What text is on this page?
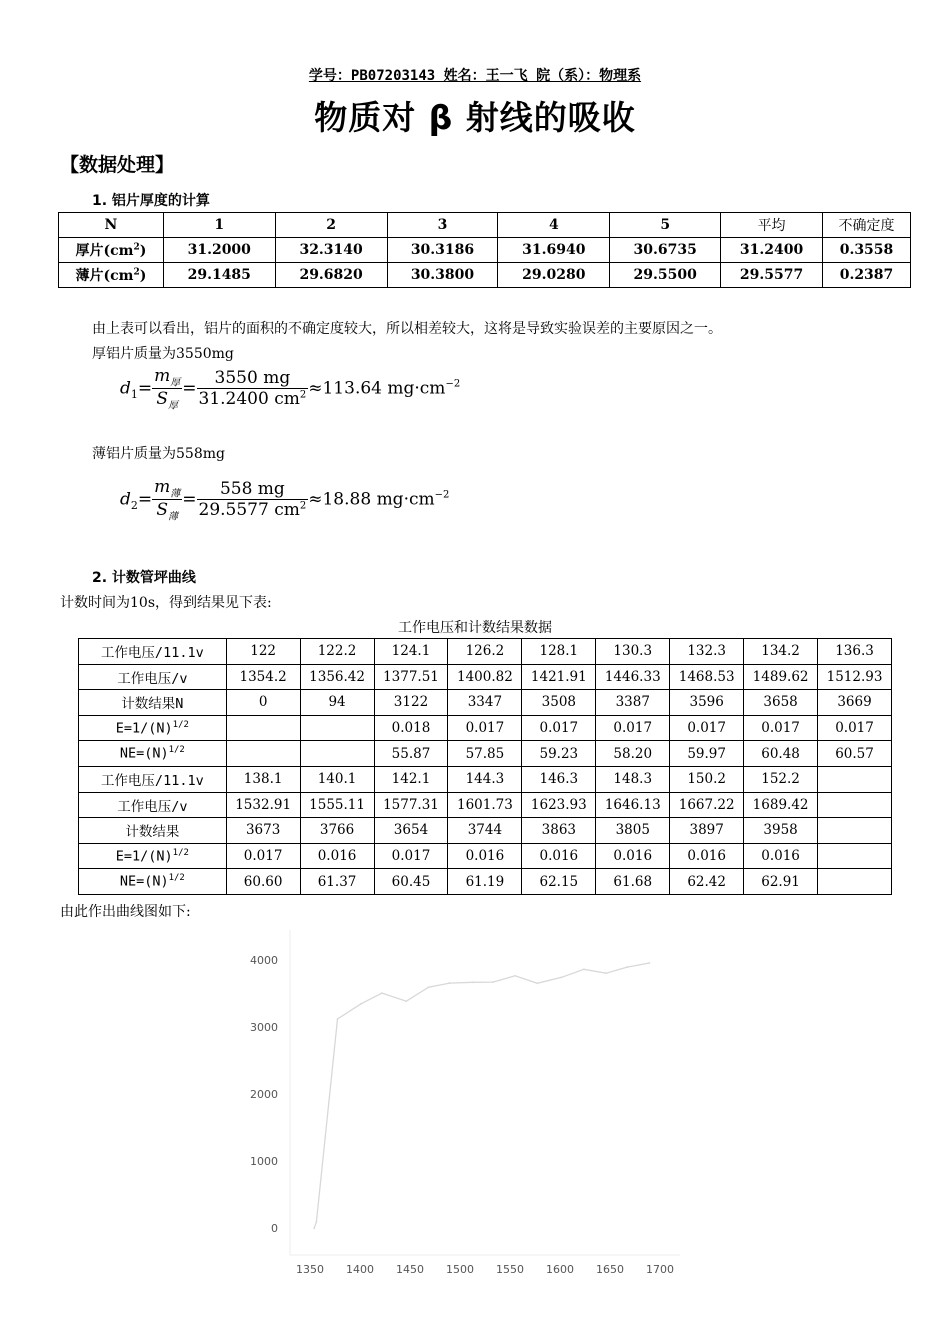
学号：PB07203143 姓名：王一飞 院（系）：物理系
物质对 β 射线的吸收
【数据处理】
1. 铝片厚度的计算
N	1	2	3	4	5	平均	不确定度
厚片$(cm^2)$	31.2000	32.3140	30.3186	31.6940	30.6735	31.2400	0.3558
薄片$(cm^2)$	29.1485	29.6820	30.3800	29.0280	29.5500	29.5577	0.2387
由上表可以看出，铝片的面积的不确定度较大，所以相差较大，这将是导致实验误差的主要原因之一。
厚铝片质量为3550mg
$d_1= \frac{m_厚}{\overline{S}_厚} = \frac{3550 mg}{31.2400 cm^2} \approx 113.64$ $mg\cdot cm^{-2}$
薄铝片质量为558mg
$d_2= \frac{m_薄}{\overline{S}_薄} = \frac{558 mg}{29.5577 cm^2} \approx 18.88$ $mg\cdot cm^{-2}$
2. 计数管坪曲线
计数时间为10s，得到结果见下表:
工作电压和计数结果数据
工作电压/11.1v	122	122.2	124.1	126.2	128.1	130.3	132.3	134.2	136.3
工作电压/v	1354.2	1356.42	1377.51	1400.82	1421.91	1446.33	1468.53	1489.62	1512.93
计数结果N	0	94	3122	3347	3508	3387	3596	3658	3669
$E=1/(N)^{1/2}$			0.018	0.017	0.017	0.017	0.017	0.017	0.017
$NE=(N)^{1/2}$			55.87	57.85	59.23	58.20	59.97	60.48	60.57
工作电压/11.1v	138.1	140.1	142.1	144.3	146.3	148.3	150.2	152.2	
工作电压/v	1532.91	1555.11	1577.31	1601.73	1623.93	1646.13	1667.22	1689.42	
计数结果	3673	3766	3654	3744	3863	3805	3897	3958	
$E=1/(N)^{1/2}$	0.017	0.016	0.017	0.016	0.016	0.016	0.016	0.016	
$NE=(N)^{1/2}$	60.60	61.37	60.45	61.19	62.15	61.68	62.42	62.91	
由此作出曲线图如下:
0
1000
2000
3000
4000
1350 1400 1450 1500 1550 1600 1650 1700
